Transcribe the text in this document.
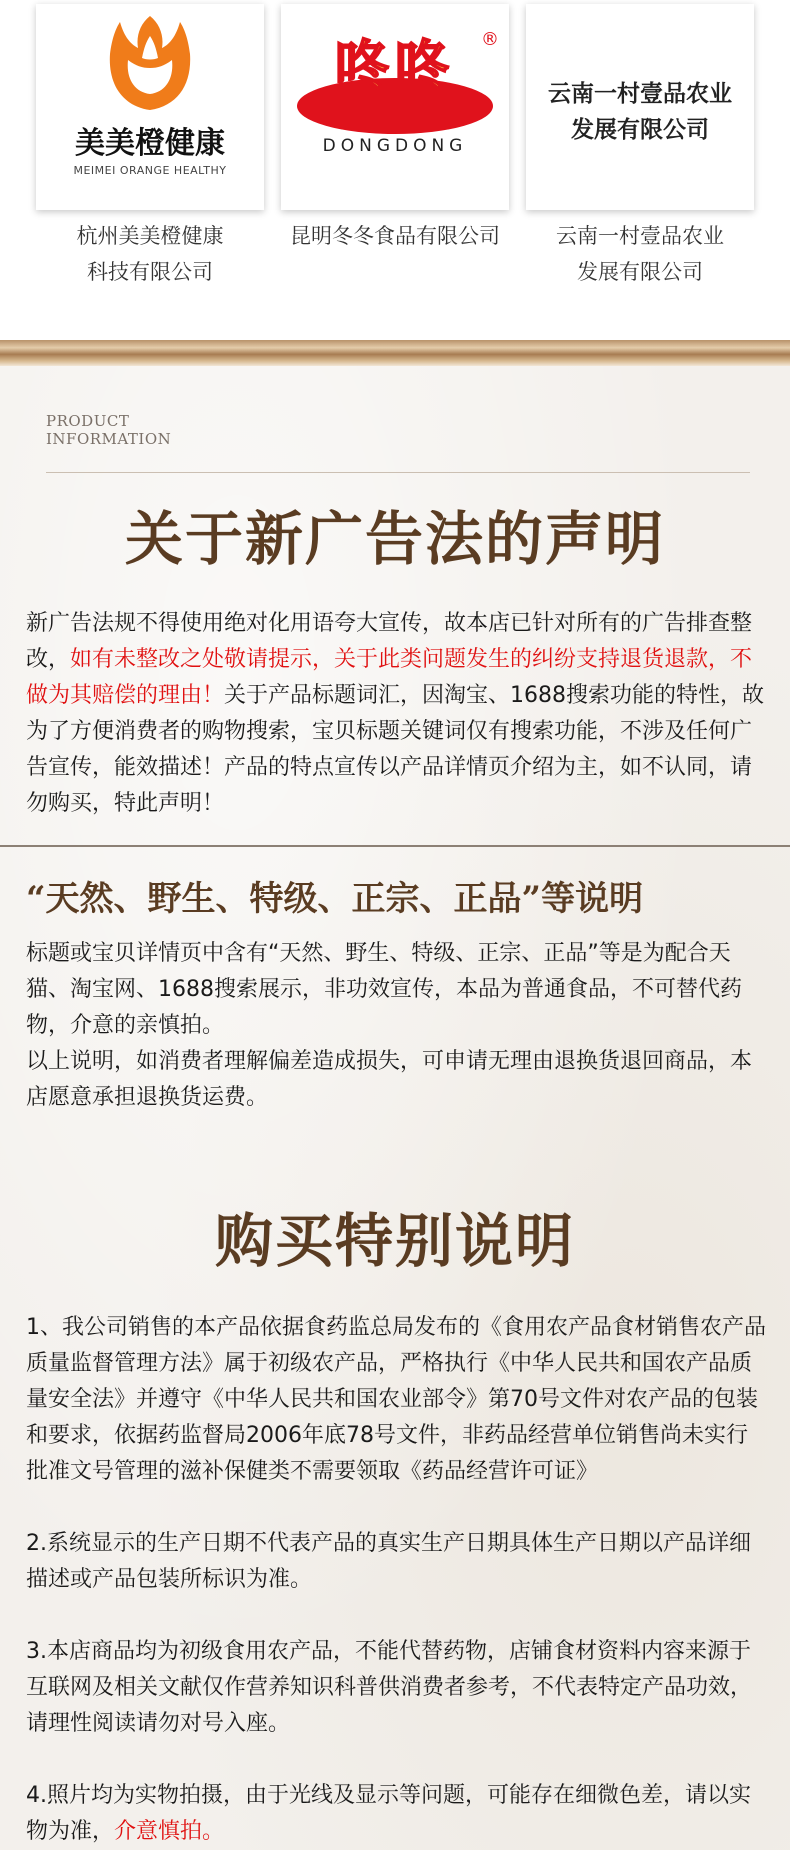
美美橙健康
MEIMEI ORANGE HEALTHY
杭州美美橙健康
科技有限公司
咚咚	®
DONGDONG
昆明冬冬食品有限公司
云南一村壹品农业
发展有限公司
云南一村壹品农业
发展有限公司
PRODUCT
INFORMATION
关于新广告法的声明

新广告法规不得使用绝对化用语夸大宣传，故本店已针对所有的广告排查整改，如有未整改之处敬请提示，关于此类问题发生的纠纷支持退货退款，不做为其赔偿的理由！关于产品标题词汇，因淘宝、1688搜索功能的特性，故为了方便消费者的购物搜索，宝贝标题关键词仅有搜索功能，不涉及任何广告宣传，能效描述！产品的特点宣传以产品详情页介绍为主，如不认同，请勿购买，特此声明！

“天然、野生、特级、正宗、正品”等说明

标题或宝贝详情页中含有“天然、野生、特级、正宗、正品”等是为配合天猫、淘宝网、1688搜索展示，非功效宣传，本品为普通食品，不可替代药物，介意的亲慎拍。

以上说明，如消费者理解偏差造成损失，可申请无理由退换货退回商品，本店愿意承担退换货运费。

购买特别说明

1、我公司销售的本产品依据食药监总局发布的《食用农产品食材销售农产品质量监督管理方法》属于初级农产品，严格执行《中华人民共和国农产品质量安全法》并遵守《中华人民共和国农业部令》第70号文件对农产品的包装和要求，依据药监督局2006年底78号文件，非药品经营单位销售尚未实行批准文号管理的滋补保健类不需要领取《药品经营许可证》

2.系统显示的生产日期不代表产品的真实生产日期具体生产日期以产品详细描述或产品包装所标识为准。

3.本店商品均为初级食用农产品，不能代替药物，店铺食材资料内容来源于互联网及相关文献仅作营养知识科普供消费者参考，不代表特定产品功效，请理性阅读请勿对号入座。

4.照片均为实物拍摄，由于光线及显示等问题，可能存在细微色差，请以实物为准，介意慎拍。
